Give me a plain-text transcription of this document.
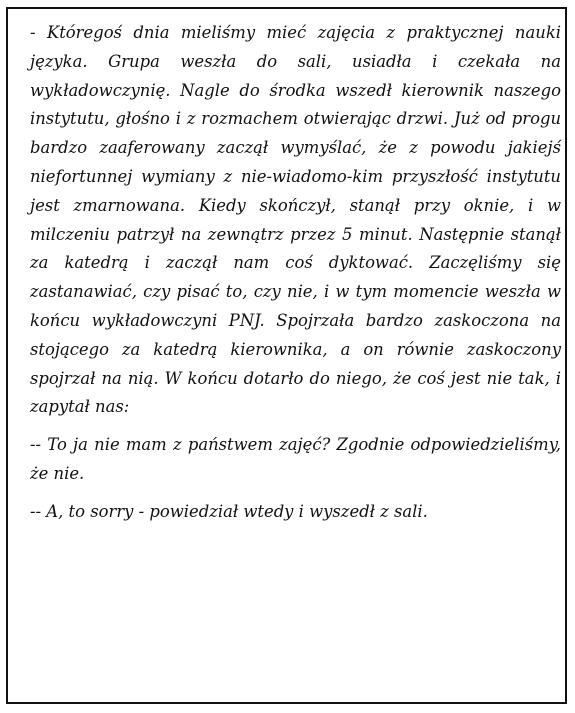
- Któregoś dnia mieliśmy mieć zajęcia z praktycznej nauki języka. Grupa weszła do sali, usiadła i czekała na wykładowczynię. Nagle do środka wszedł kierownik naszego instytutu, głośno i z rozmachem otwierając drzwi. Już od progu bardzo zaaferowany zaczął wymyślać, że z powodu jakiejś niefortunnej wymiany z nie-wiadomo-kim przyszłość instytutu jest zmarnowana. Kiedy skończył, stanął przy oknie, i w milczeniu patrzył na zewnątrz przez 5 minut. Następnie stanął za katedrą i zaczął nam coś dyktować. Zaczęliśmy się zastanawiać, czy pisać to, czy nie, i w tym momencie weszła w końcu wykładowczyni PNJ. Spojrzała bardzo zaskoczona na stojącego za katedrą kierownika, a on równie zaskoczony spojrzał na nią. W końcu dotarło do niego, że coś jest nie tak, i zapytał nas:

-- To ja nie mam z państwem zajęć? Zgodnie odpowiedzieliśmy, że nie.

-- A, to sorry - powiedział wtedy i wyszedł z sali.
